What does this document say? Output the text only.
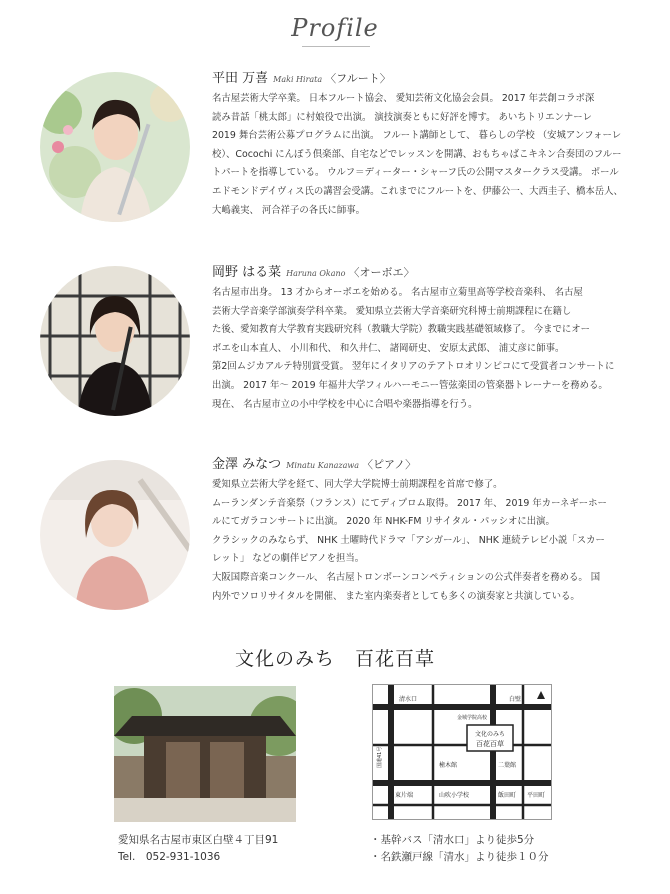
Profile
平田 万喜 Maki Hirata 〈フルート〉
名古屋芸術大学卒業。 日本フルート協会、 愛知芸術文化協会会員。 2017 年芸創コラボ深
読み昔話「桃太郎」に村娘役で出演。 演技演奏ともに好評を博す。 あいちトリエンナーレ
2019 舞台芸術公募プログラムに出演。 フルート講師として、 暮らしの学校 （安城アンフォーレ
校）、Cocochi にんぽう倶楽部、自宅などでレッスンを開講、おもちゃばこキネン合奏団のフルー
トパートを指導している。 ウルフ＝ディーター・シャーフ氏の公開マスタークラス受講。 ポール
エドモンドデイヴィス氏の講習会受講。これまでにフルートを、伊藤公一、大西圭子、橋本岳人、
大嶋義実、 河合祥子の各氏に師事。
岡野 はる菜 Haruna Okano 〈オーボエ〉
名古屋市出身。 13 才からオーボエを始める。 名古屋市立菊里高等学校音楽科、 名古屋
芸術大学音楽学部演奏学科卒業。 愛知県立芸術大学音楽研究科博士前期課程に在籍し
た後、愛知教育大学教育実践研究科（教職大学院）教職実践基礎領域修了。 今までにオー
ボエを山本直人、 小川和代、 和久井仁、 諸岡研史、 安原太武郎、 浦丈彦に師事。
第2回ムジカアルテ特別賞受賞。 翌年にイタリアのテアトロオリンピコにて受賞者コンサートに
出演。 2017 年～ 2019 年福井大学フィルハーモニー管弦楽団の管楽器トレーナーを務める。
現在、 名古屋市立の小中学校を中心に合唱や楽器指導を行う。
金澤 みなつ Minatu Kanazawa 〈ピアノ〉
愛知県立芸術大学を経て、同大学大学院博士前期課程を首席で修了。
ムーランダンテ音楽祭（フランス）にてディプロム取得。 2017 年、 2019 年カーネギーホー
ルにてガラコンサートに出演。 2020 年 NHK-FM リサイタル・パッシオに出演。
クラシックのみならず、 NHK 土曜時代ドラマ「アシガール」、 NHK 連続テレビ小説「スカー
レット」 などの劇伴ピアノを担当。
大阪国際音楽コンクール、 名古屋トロンボーンコンペティションの公式伴奏者を務める。 国
内外でソロリサイタルを開催、 また室内楽奏者としても多くの演奏家と共演している。
文化のみち　百花百草
文化のみち
百花百草
清水口	白壁
金城学院高校
橦木館	二葉館
飯田町
東片端	平田町
山吹小学校
国道41号
愛知県名古屋市東区白壁４丁目91
Tel.　052-931-1036
・基幹バス「清水口」より徒歩5分
・名鉄瀬戸線「清水」より徒歩１０分
